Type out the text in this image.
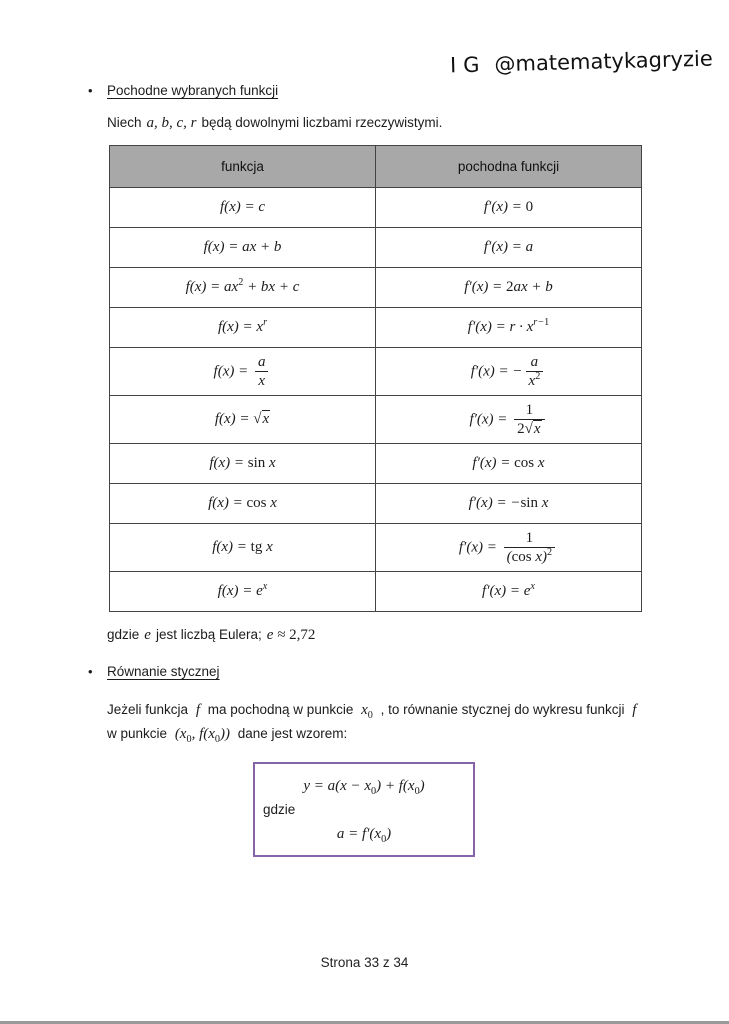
IG @matematykagryzie
•	Pochodne wybranych funkcji

Niech a, b, c, r będą dowolnymi liczbami rzeczywistymi.

funkcja	pochodna funkcji
f(x) = c	f′(x) = 0
f(x) = ax + b	f′(x) = a
$f(x) = ax^2$ + bx + c	f′(x) = 2ax + b
$f(x) = x^r$	$f'(x) = r \cdot x^{r-1}$
$f(x) = \frac{a}{x}$	f′(x) = − $\frac{a}{x^2}$

f(x) = √x	$f'(x) = \frac{1}{2√x}$

f(x) = sin x	f′(x) = cos x
f(x) = cos x	f′(x) = −sin x
f(x) = tg x	$f'(x) = \frac{1}{(\cos x)^2}$

$f(x) = e^x$	$f'(x) = e^x$

gdzie e jest liczbą Eulera; e ≈ 2,72

•	Równanie stycznej

Jeżeli funkcja f ma pochodną w punkcie $x_0$ , to równanie stycznej do wykresu funkcji f
w punkcie ($x_0$, $f(x_0)$) dane jest wzorem:

$y = a(x - x_0) + f(x_0)$
gdzie
$a = f'(x_0)$
Strona 33 z 34
